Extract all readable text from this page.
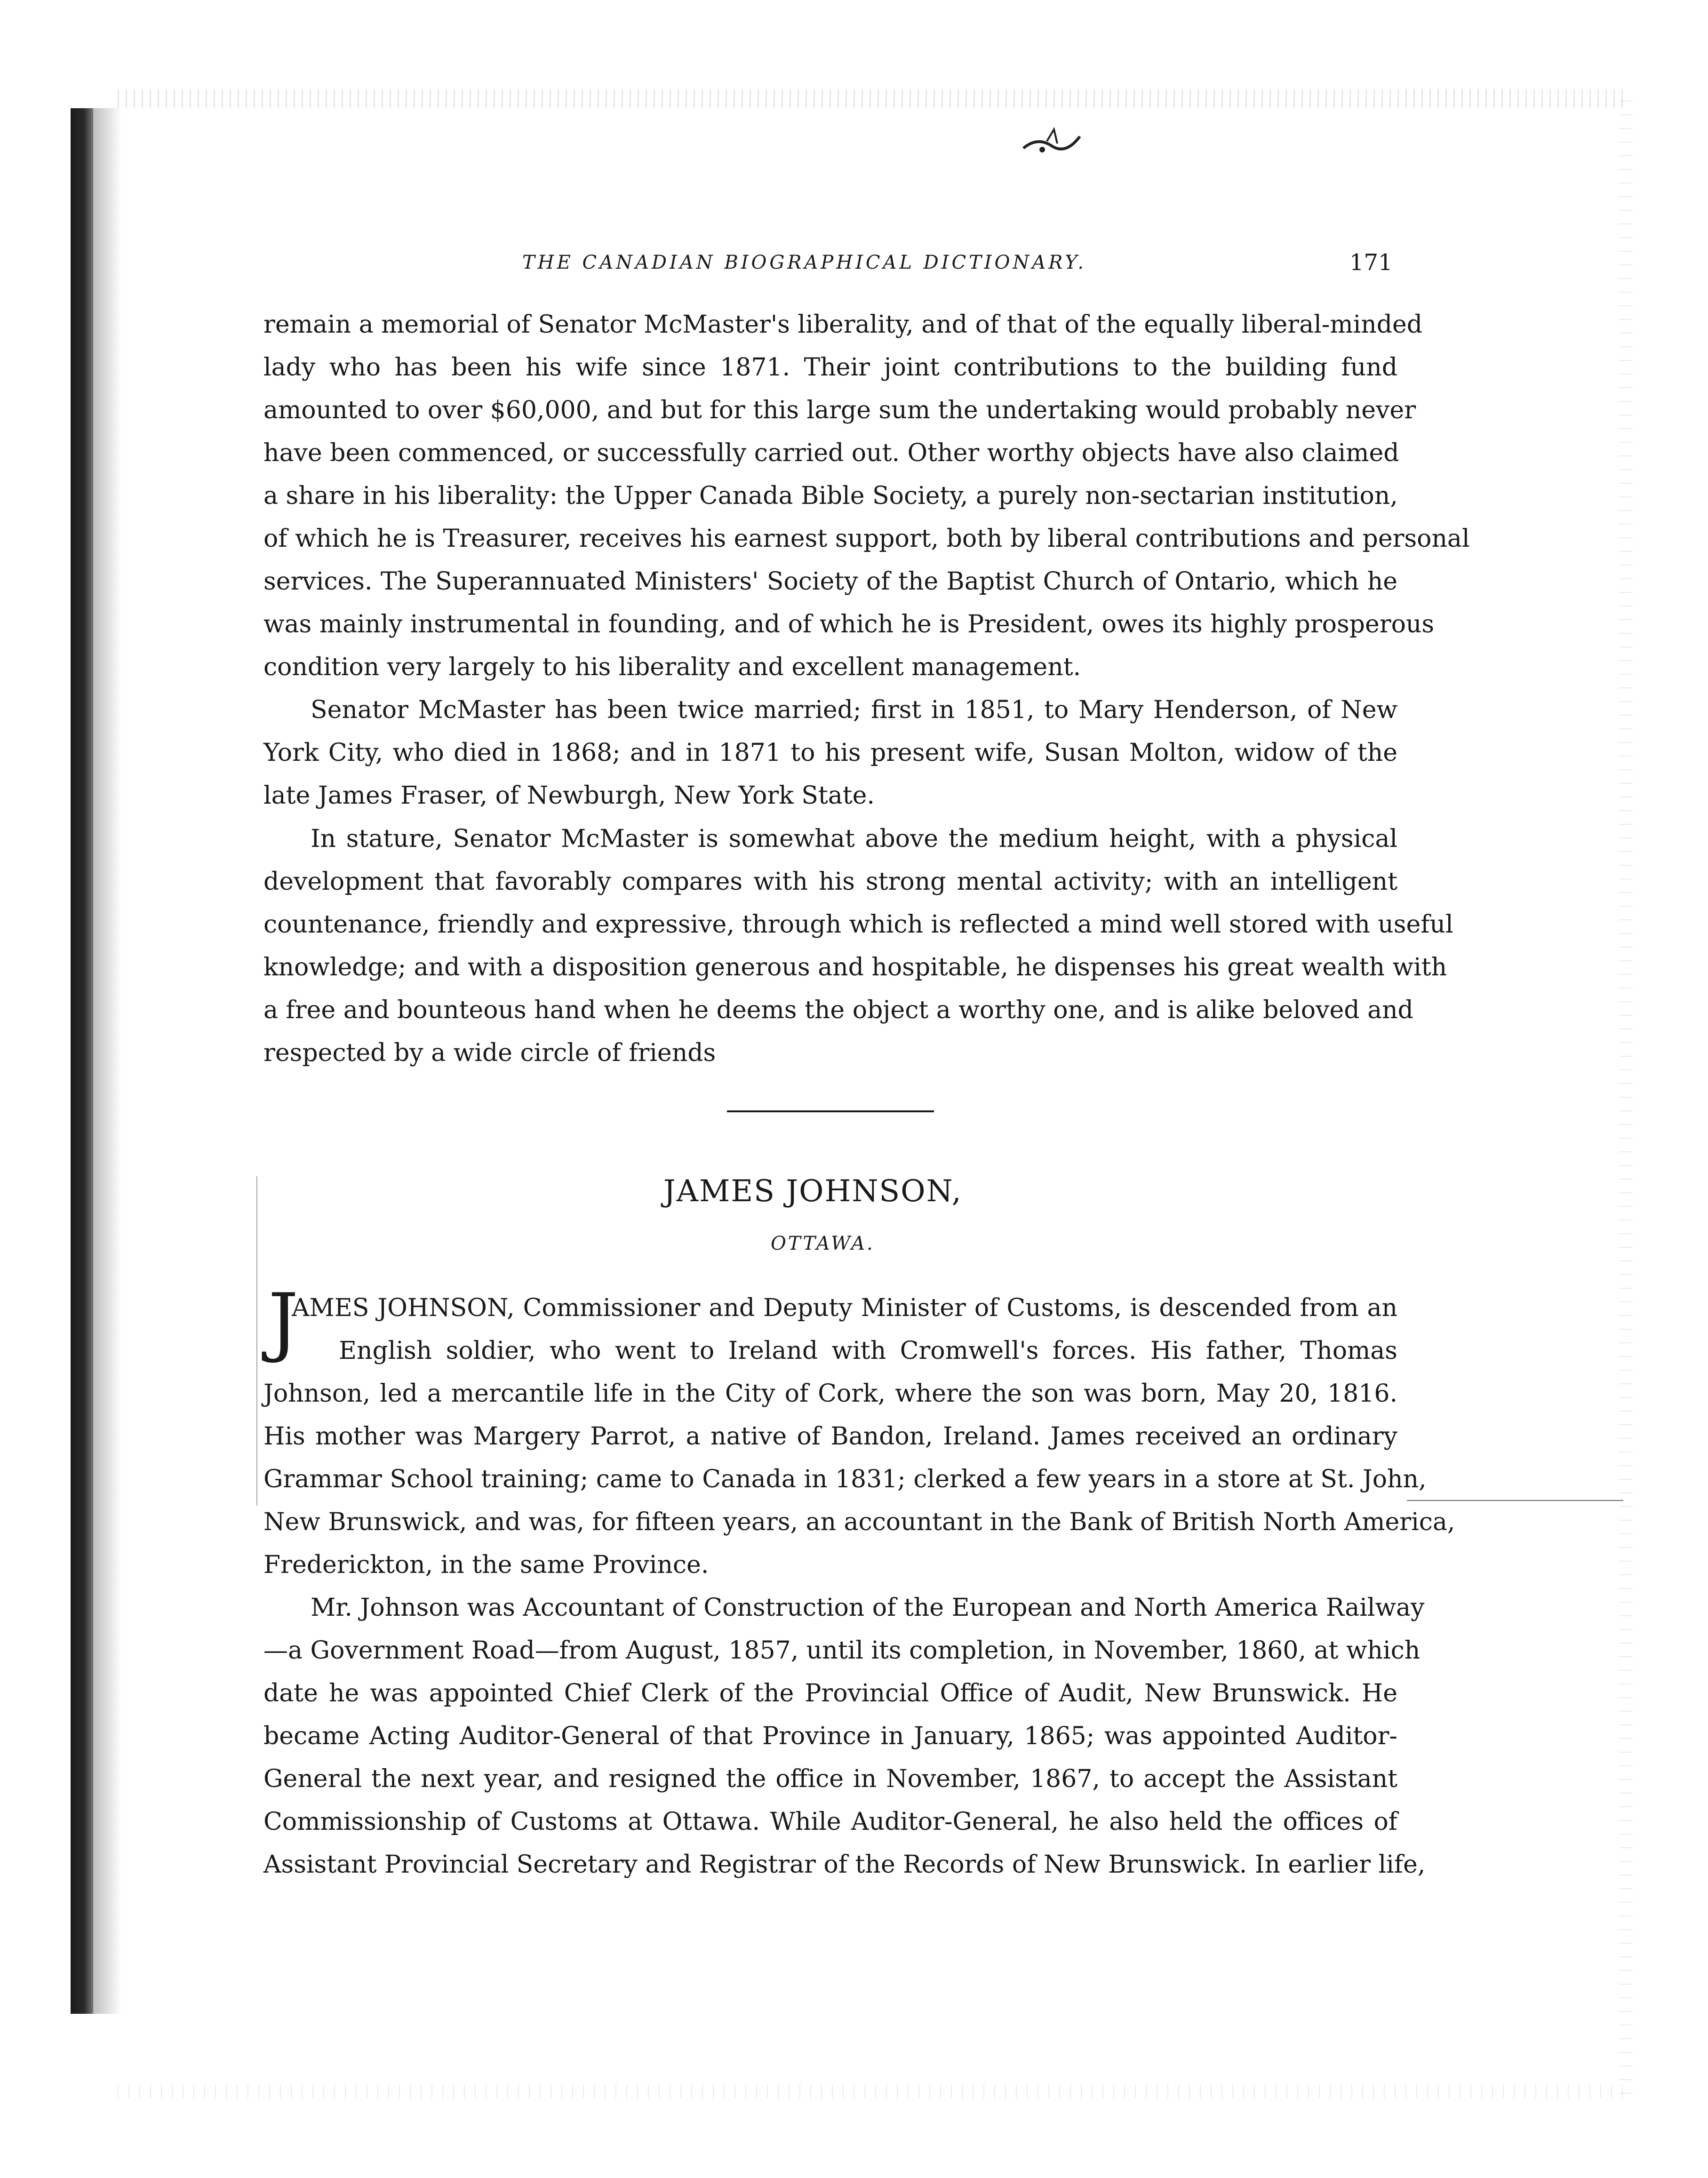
THE CANADIAN BIOGRAPHICAL DICTIONARY.	171
remain a memorial of Senator McMaster's liberality, and of that of the equally liberal-minded
lady who has been his wife since 1871. Their joint contributions to the building fund
amounted to over $60,000, and but for this large sum the undertaking would probably never
have been commenced, or successfully carried out. Other worthy objects have also claimed
a share in his liberality: the Upper Canada Bible Society, a purely non-sectarian institution,
of which he is Treasurer, receives his earnest support, both by liberal contributions and personal
services. The Superannuated Ministers' Society of the Baptist Church of Ontario, which he
was mainly instrumental in founding, and of which he is President, owes its highly prosperous
condition very largely to his liberality and excellent management.
Senator McMaster has been twice married; first in 1851, to Mary Henderson, of New
York City, who died in 1868; and in 1871 to his present wife, Susan Molton, widow of the
late James Fraser, of Newburgh, New York State.
In stature, Senator McMaster is somewhat above the medium height, with a physical
development that favorably compares with his strong mental activity; with an intelligent
countenance, friendly and expressive, through which is reflected a mind well stored with useful
knowledge; and with a disposition generous and hospitable, he dispenses his great wealth with
a free and bounteous hand when he deems the object a worthy one, and is alike beloved and
respected by a wide circle of friends
JAMES JOHNSON,
OTTAWA.
J
AMES JOHNSON, Commissioner and Deputy Minister of Customs, is descended from an
English soldier, who went to Ireland with Cromwell's forces. His father, Thomas
Johnson, led a mercantile life in the City of Cork, where the son was born, May 20, 1816.
His mother was Margery Parrot, a native of Bandon, Ireland. James received an ordinary
Grammar School training; came to Canada in 1831; clerked a few years in a store at St. John,
New Brunswick, and was, for fifteen years, an accountant in the Bank of British North America,
Frederickton, in the same Province.
Mr. Johnson was Accountant of Construction of the European and North America Railway
—a Government Road—from August, 1857, until its completion, in November, 1860, at which
date he was appointed Chief Clerk of the Provincial Office of Audit, New Brunswick. He
became Acting Auditor-General of that Province in January, 1865; was appointed Auditor-
General the next year, and resigned the office in November, 1867, to accept the Assistant
Commissionship of Customs at Ottawa. While Auditor-General, he also held the offices of
Assistant Provincial Secretary and Registrar of the Records of New Brunswick. In earlier life,
